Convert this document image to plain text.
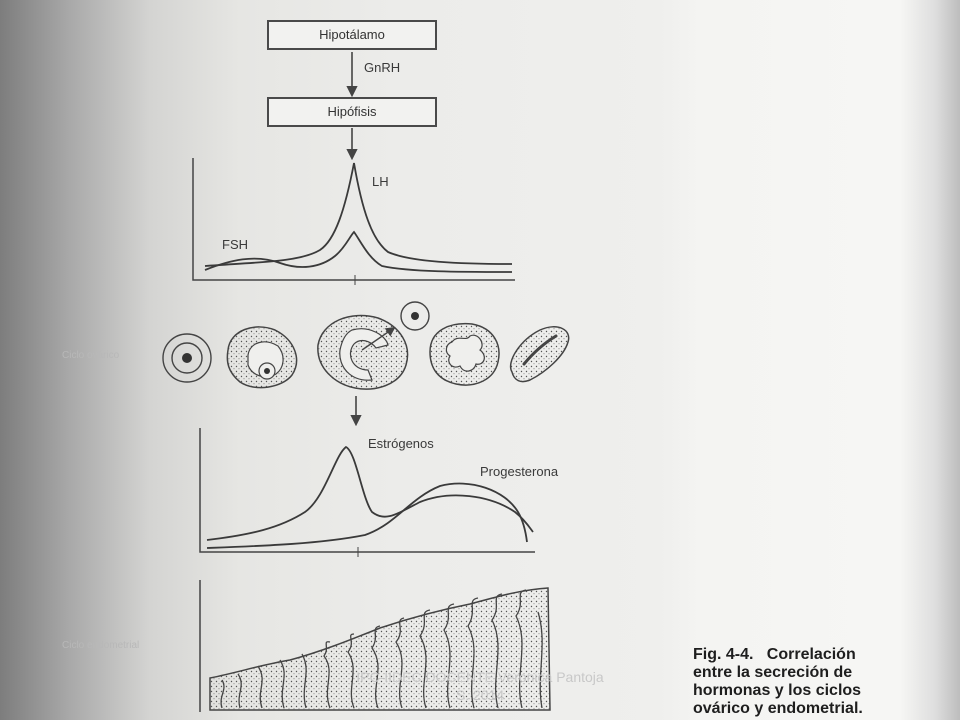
Hipotálamo
GnRH
Hipófisis
LH
FSH
Ciclo ovárico
Estrógenos
Progesterona
Ciclo endometrial
Fig. 4-4. Correlación
entre la secreción de
hormonas y los ciclos
ovárico y endometrial.
IPC-IIDEC DOCENTE Veronica Pantoja
S. 2014
